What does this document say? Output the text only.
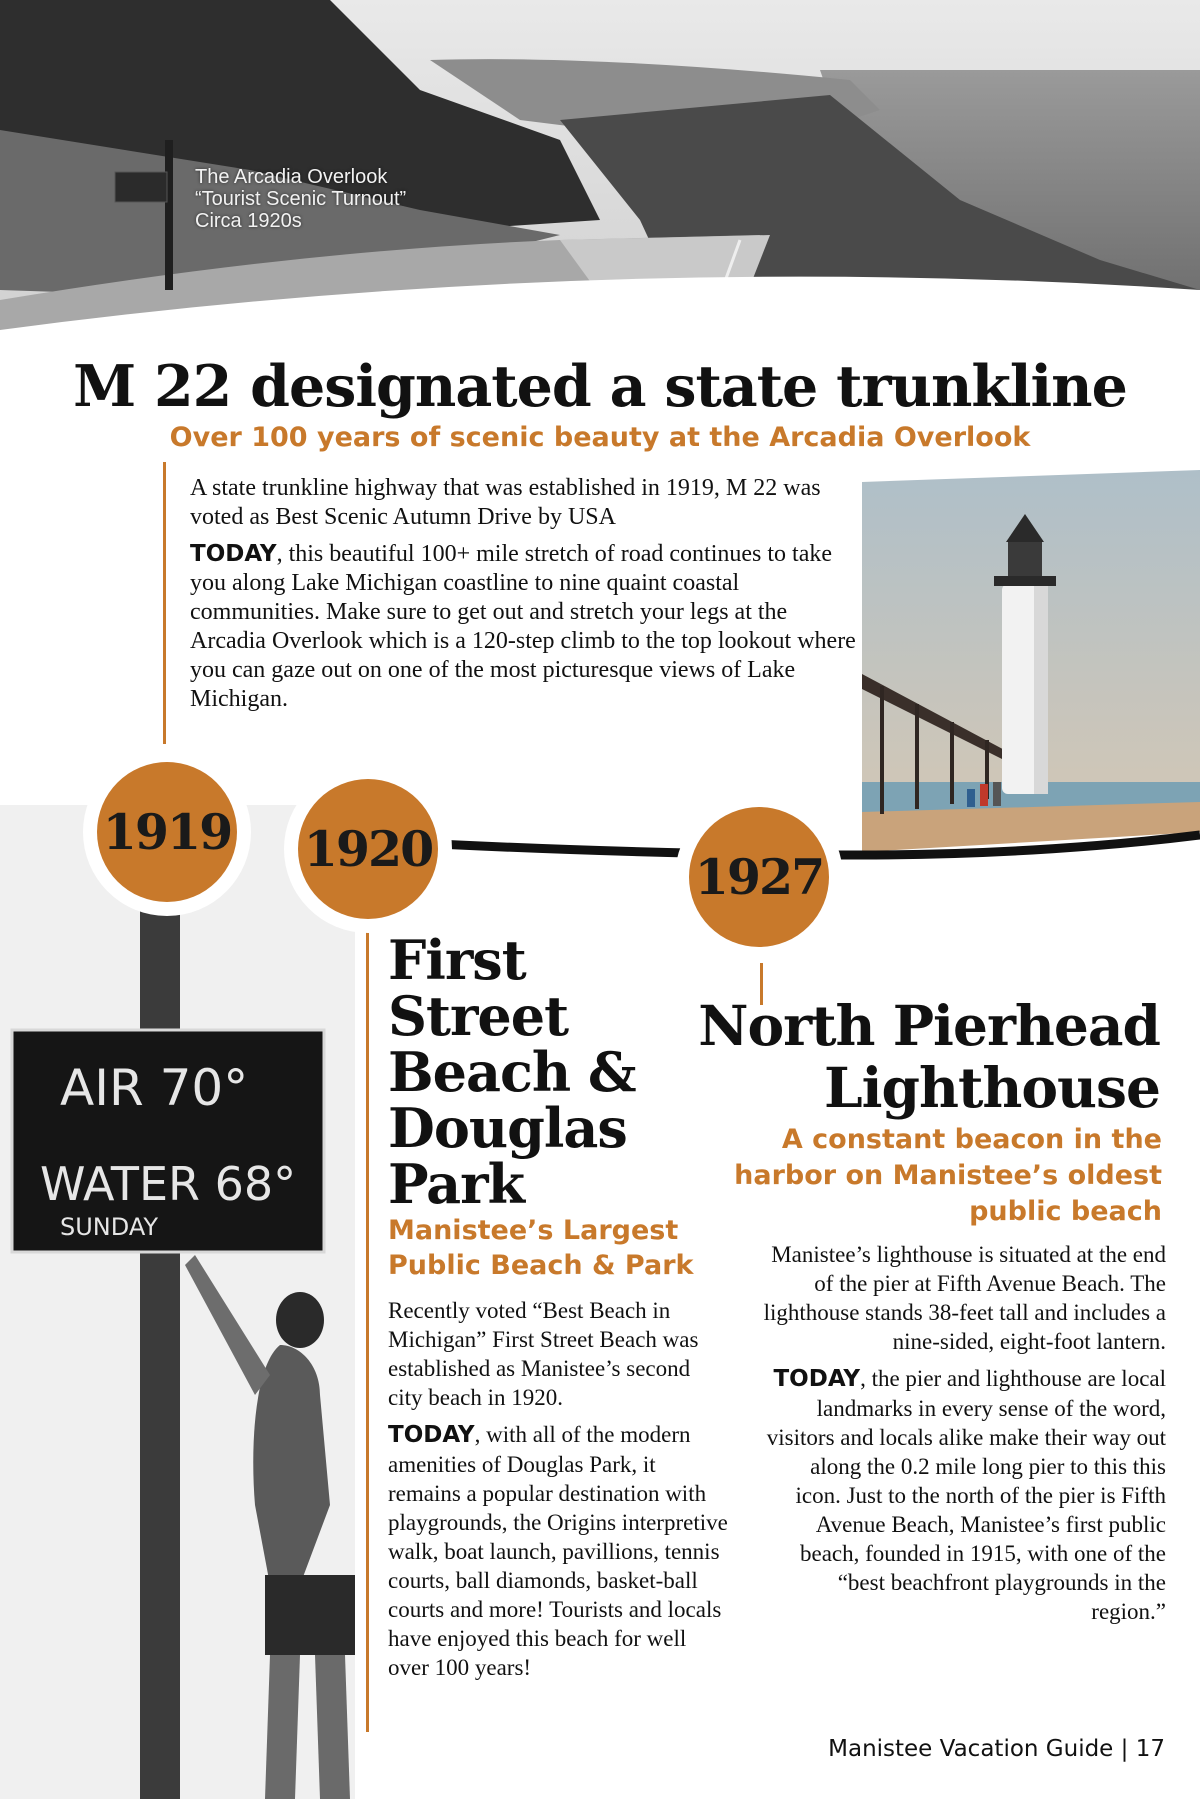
The Arcadia Overlook
“Tourist Scenic Turnout”
Circa 1920s
M 22 designated a state trunkline
Over 100 years of scenic beauty at the Arcadia Overlook

A state trunkline highway that was established in 1919, M 22 was voted as Best Scenic Autumn Drive by USA

TODAY, this beautiful 100+ mile stretch of road continues to take you along Lake Michigan coastline to nine quaint coastal communities. Make sure to get out and stretch your legs at the Arcadia Overlook which is a 120-step climb to the top lookout where you can gaze out on one of the most picturesque views of Lake Michigan.

AIR 70°
WATER 68°
SUNDAY
1919 1920	1927
First Street Beach & Douglas Park
Manistee’s Largest Public Beach & Park

Recently voted “Best Beach in Michigan” First Street Beach was established as Manistee’s second city beach in 1920.

TODAY, with all of the modern amenities of Douglas Park, it remains a popular destination with playgrounds, the Origins interpretive walk, boat launch, pavillions, tennis courts, ball diamonds, basket-ball courts and more! Tourists and locals have enjoyed this beach for well over 100 years!

North Pierhead
Lighthouse
A constant beacon in the harbor on Manistee’s oldest public beach

Manistee’s lighthouse is situated at the end of the pier at Fifth Avenue Beach. The lighthouse stands 38-feet tall and includes a nine-sided, eight-foot lantern.

TODAY, the pier and lighthouse are local landmarks in every sense of the word, visitors and locals alike make their way out along the 0.2 mile long pier to this this icon. Just to the north of the pier is Fifth Avenue Beach, Manistee’s first public beach, founded in 1915, with one of the “best beachfront playgrounds in the region.”

Manistee Vacation Guide | 17
